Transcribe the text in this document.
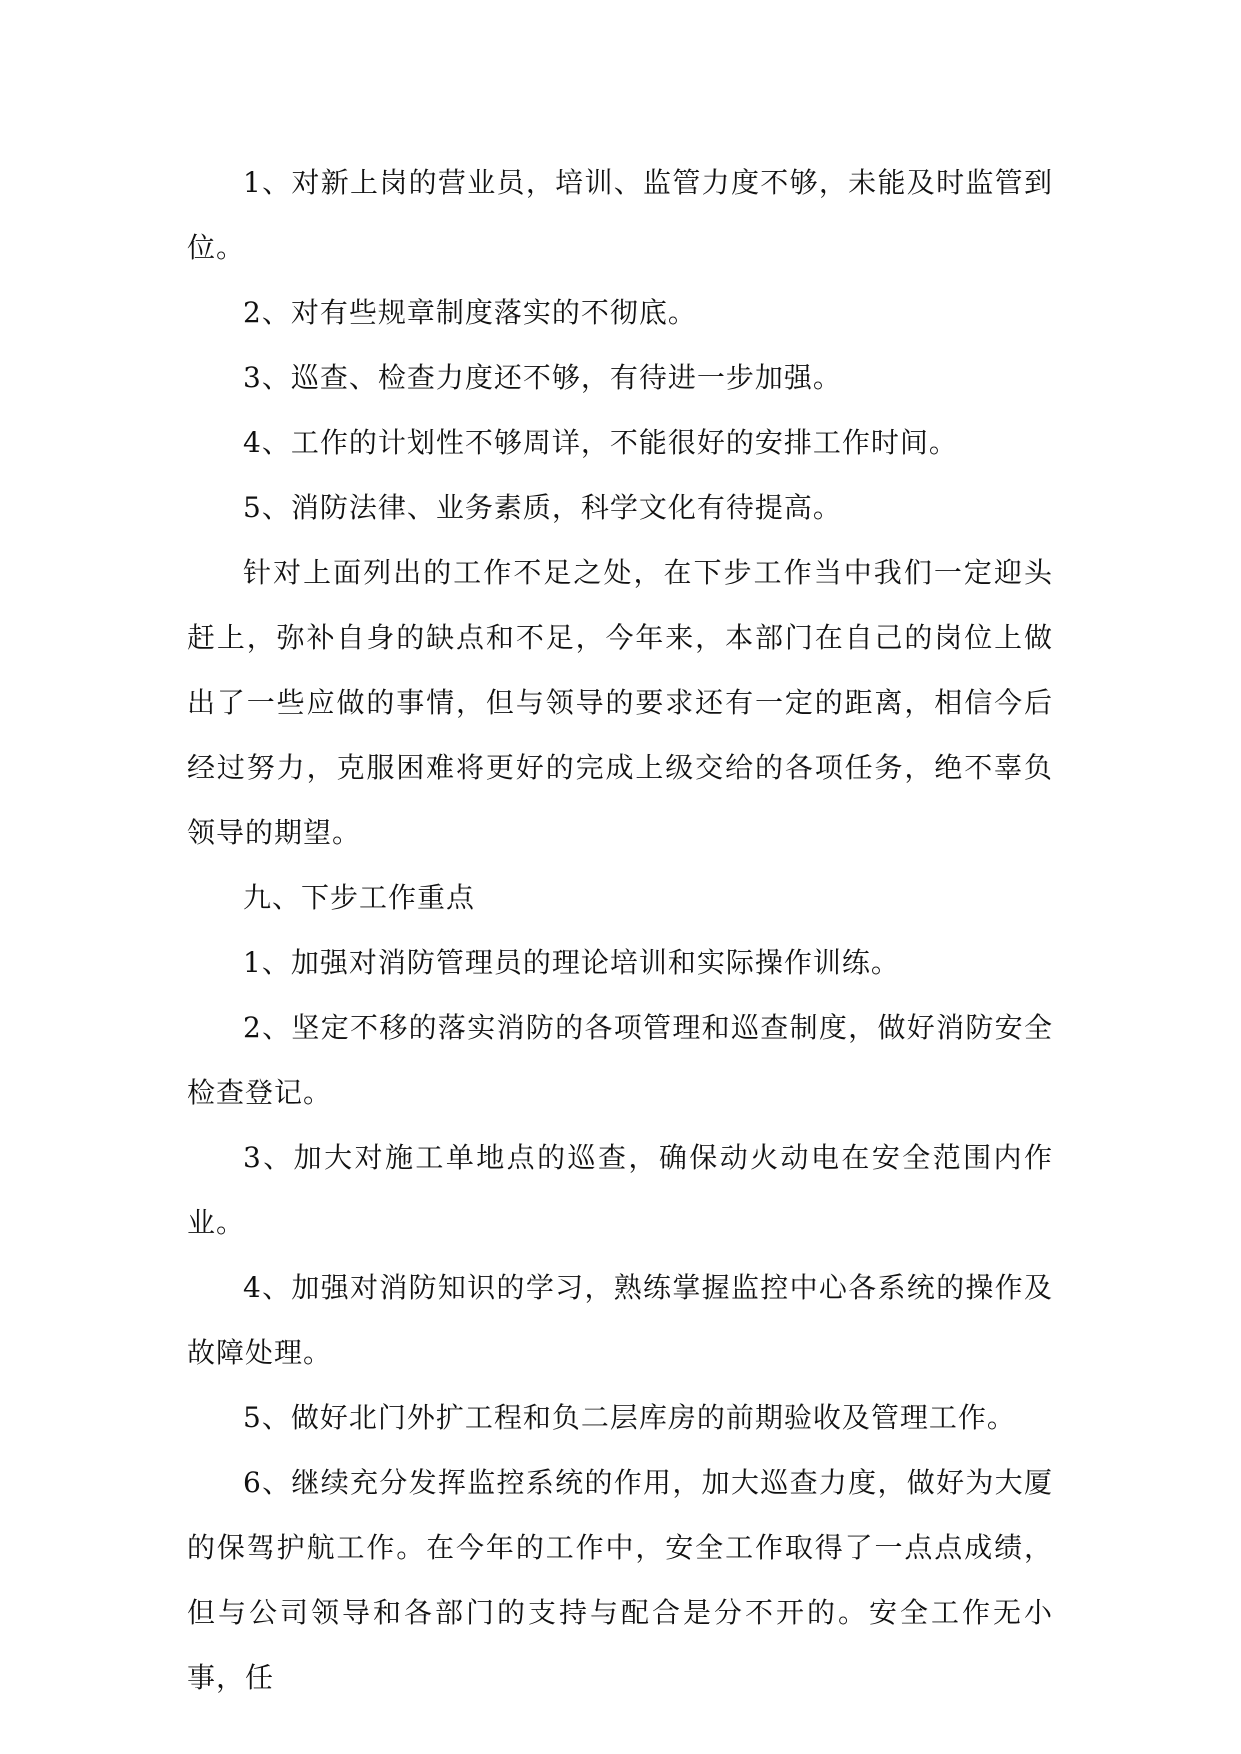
1、对新上岗的营业员，培训、监管力度不够，未能及时监管到位。

2、对有些规章制度落实的不彻底。

3、巡查、检查力度还不够，有待进一步加强。

4、工作的计划性不够周详，不能很好的安排工作时间。

5、消防法律、业务素质，科学文化有待提高。

针对上面列出的工作不足之处，在下步工作当中我们一定迎头赶上，弥补自身的缺点和不足，今年来，本部门在自己的岗位上做出了一些应做的事情，但与领导的要求还有一定的距离，相信今后经过努力，克服困难将更好的完成上级交给的各项任务，绝不辜负领导的期望。

九、下步工作重点

1、加强对消防管理员的理论培训和实际操作训练。

2、坚定不移的落实消防的各项管理和巡查制度，做好消防安全检查登记。

3、加大对施工单地点的巡查，确保动火动电在安全范围内作业。

4、加强对消防知识的学习，熟练掌握监控中心各系统的操作及故障处理。

5、做好北门外扩工程和负二层库房的前期验收及管理工作。

6、继续充分发挥监控系统的作用，加大巡查力度，做好为大厦的保驾护航工作。在今年的工作中，安全工作取得了一点点成绩，但与公司领导和各部门的支持与配合是分不开的。安全工作无小事，任
